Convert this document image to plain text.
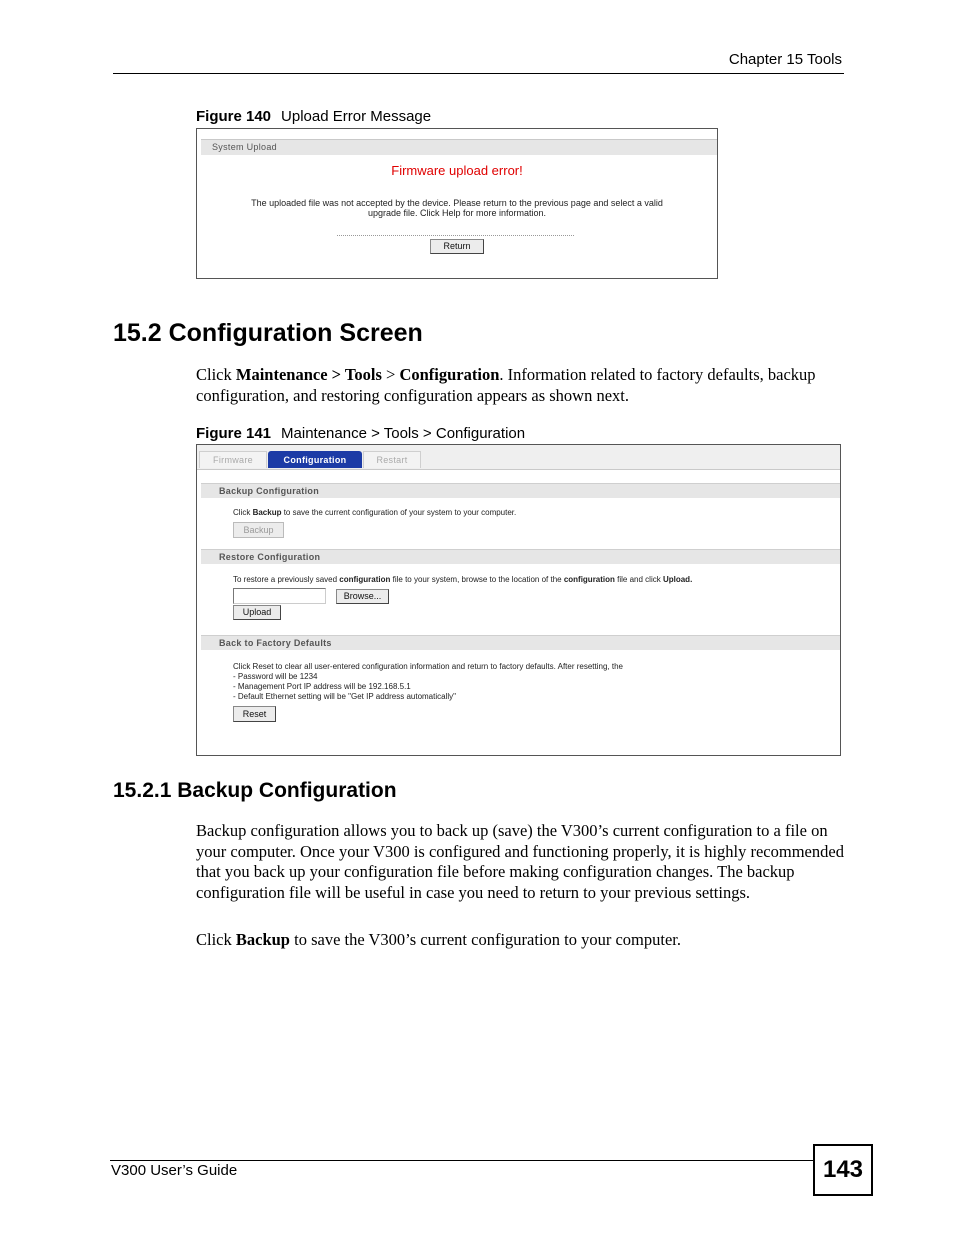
Chapter 15 Tools
Figure 140 Upload Error Message
System Upload
Firmware upload error!
The uploaded file was not accepted by the device. Please return to the previous page and select a valid
upgrade file. Click Help for more information.
Return
15.2 Configuration Screen
Click Maintenance > Tools > Configuration. Information related to factory defaults, backup configuration, and restoring configuration appears as shown next.
Figure 141 Maintenance > Tools > Configuration
Firmware	Configuration	Restart
Backup Configuration
Click Backup to save the current configuration of your system to your computer.
Backup
Restore Configuration
To restore a previously saved configuration file to your system, browse to the location of the configuration file and click Upload.
Browse...
Upload
Back to Factory Defaults
Click Reset to clear all user-entered configuration information and return to factory defaults. After resetting, the
- Password will be 1234
- Management Port IP address will be 192.168.5.1
- Default Ethernet setting will be "Get IP address automatically"
Reset
15.2.1 Backup Configuration
Backup configuration allows you to back up (save) the V300’s current configuration to a file on your computer. Once your V300 is configured and functioning properly, it is highly recommended that you back up your configuration file before making configuration changes. The backup configuration file will be useful in case you need to return to your previous settings.
Click Backup to save the V300’s current configuration to your computer.
V300 User’s Guide	143
